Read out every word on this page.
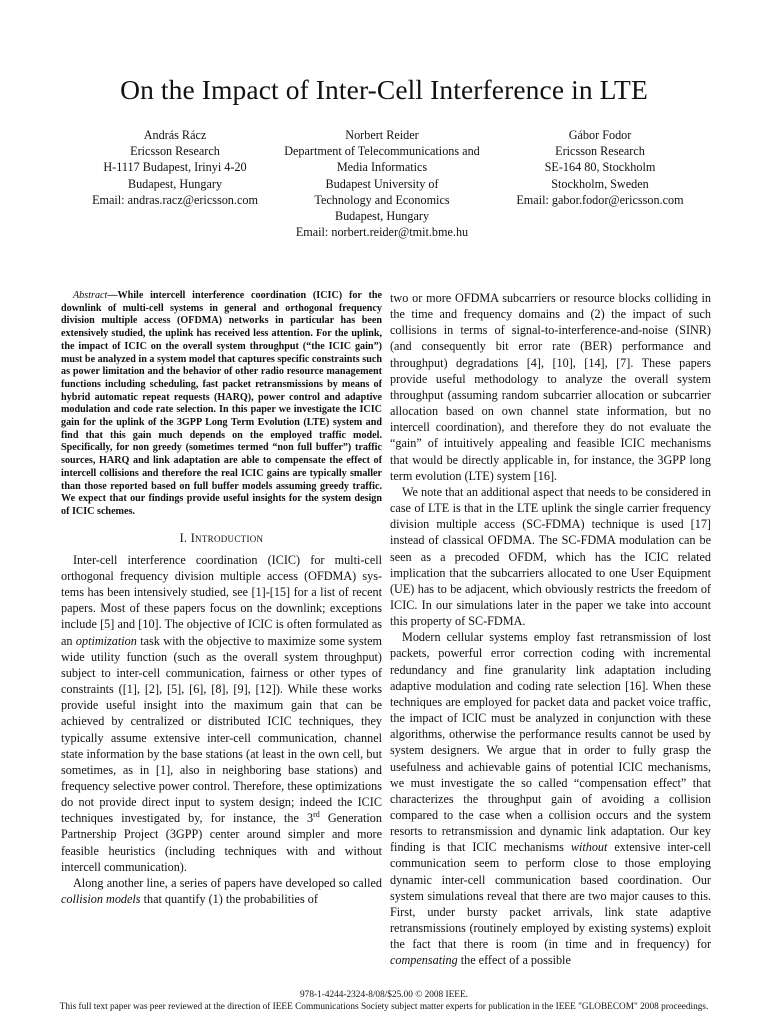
On the Impact of Inter-Cell Interference in LTE
András Rácz
Ericsson Research
H-1117 Budapest, Irinyi 4-20
Budapest, Hungary
Email: andras.racz@ericsson.com
Norbert Reider
Department of Telecommunications and
Media Informatics
Budapest University of
Technology and Economics
Budapest, Hungary
Email: norbert.reider@tmit.bme.hu
Gábor Fodor
Ericsson Research
SE-164 80, Stockholm
Stockholm, Sweden
Email: gabor.fodor@ericsson.com

Abstract—While intercell interference coordination (ICIC) for the downlink of multi-cell systems in general and orthogonal frequency division multiple access (OFDMA) networks in particular has been extensively studied, the uplink has received less attention. For the uplink, the impact of ICIC on the overall system throughput (“the ICIC gain”) must be analyzed in a system model that captures specific constraints such as power limitation and the behavior of other radio resource management functions including scheduling, fast packet retransmissions by means of hybrid automatic repeat requests (HARQ), power control and adaptive modulation and code rate selection. In this paper we investigate the ICIC gain for the uplink of the 3GPP Long Term Evolution (LTE) system and find that this gain much depends on the employed traffic model. Specifically, for non greedy (sometimes termed “non full buffer”) traffic sources, HARQ and link adaptation are able to compensate the effect of intercell collisions and therefore the real ICIC gains are typically smaller than those reported based on full buffer models assuming greedy traffic. We expect that our findings provide useful insights for the system design of ICIC schemes.

I. Introduction

Inter-cell interference coordination (ICIC) for multi-cell orthogonal frequency division multiple access (OFDMA) systems has been intensively studied, see [1]-[15] for a list of recent papers. Most of these papers focus on the downlink; exceptions include [5] and [10]. The objective of ICIC is often formulated as an optimization task with the objective to maximize some system wide utility function (such as the overall system throughput) subject to inter-cell communication, fairness or other types of constraints ([1], [2], [5], [6], [8], [9], [12]). While these works provide useful insight into the maximum gain that can be achieved by centralized or distributed ICIC techniques, they typically assume extensive inter-cell communication, channel state information by the base stations (at least in the own cell, but sometimes, as in [1], also in neighboring base stations) and frequency selective power control. Therefore, these optimizations do not provide direct input to system design; indeed the ICIC techniques investigated by, for instance, the 3rd Generation Partnership Project (3GPP) center around simpler and more feasible heuristics (including techniques with and without intercell communication).

Along another line, a series of papers have developed so called collision models that quantify (1) the probabilities of

two or more OFDMA subcarriers or resource blocks colliding in the time and frequency domains and (2) the impact of such collisions in terms of signal-to-interference-and-noise (SINR) (and consequently bit error rate (BER) performance and throughput) degradations [4], [10], [14], [7]. These papers provide useful methodology to analyze the overall system throughput (assuming random subcarrier allocation or subcarrier allocation based on own channel state information, but no intercell coordination), and therefore they do not evaluate the “gain” of intuitively appealing and feasible ICIC mechanisms that would be directly applicable in, for instance, the 3GPP long term evolution (LTE) system [16].

We note that an additional aspect that needs to be considered in case of LTE is that in the LTE uplink the single carrier frequency division multiple access (SC-FDMA) technique is used [17] instead of classical OFDMA. The SC-FDMA modulation can be seen as a precoded OFDM, which has the ICIC related implication that the subcarriers allocated to one User Equipment (UE) has to be adjacent, which obviously restricts the freedom of ICIC. In our simulations later in the paper we take into account this property of SC-FDMA.

Modern cellular systems employ fast retransmission of lost packets, powerful error correction coding with incremental redundancy and fine granularity link adaptation including adaptive modulation and coding rate selection [16]. When these techniques are employed for packet data and packet voice traffic, the impact of ICIC must be analyzed in conjunction with these algorithms, otherwise the performance results cannot be used by system designers. We argue that in order to fully grasp the usefulness and achievable gains of potential ICIC mechanisms, we must investigate the so called “compensation effect” that characterizes the throughput gain of avoiding a collision compared to the case when a collision occurs and the system resorts to retransmission and dynamic link adaptation. Our key finding is that ICIC mechanisms without extensive inter-cell communication seem to perform close to those employing dynamic inter-cell communication based coordination. Our system simulations reveal that there are two major causes to this. First, under bursty packet arrivals, link state adaptive retransmissions (routinely employed by existing systems) exploit the fact that there is room (in time and in frequency) for compensating the effect of a possible

978-1-4244-2324-8/08/$25.00 © 2008 IEEE.
This full text paper was peer reviewed at the direction of IEEE Communications Society subject matter experts for publication in the IEEE "GLOBECOM" 2008 proceedings.
